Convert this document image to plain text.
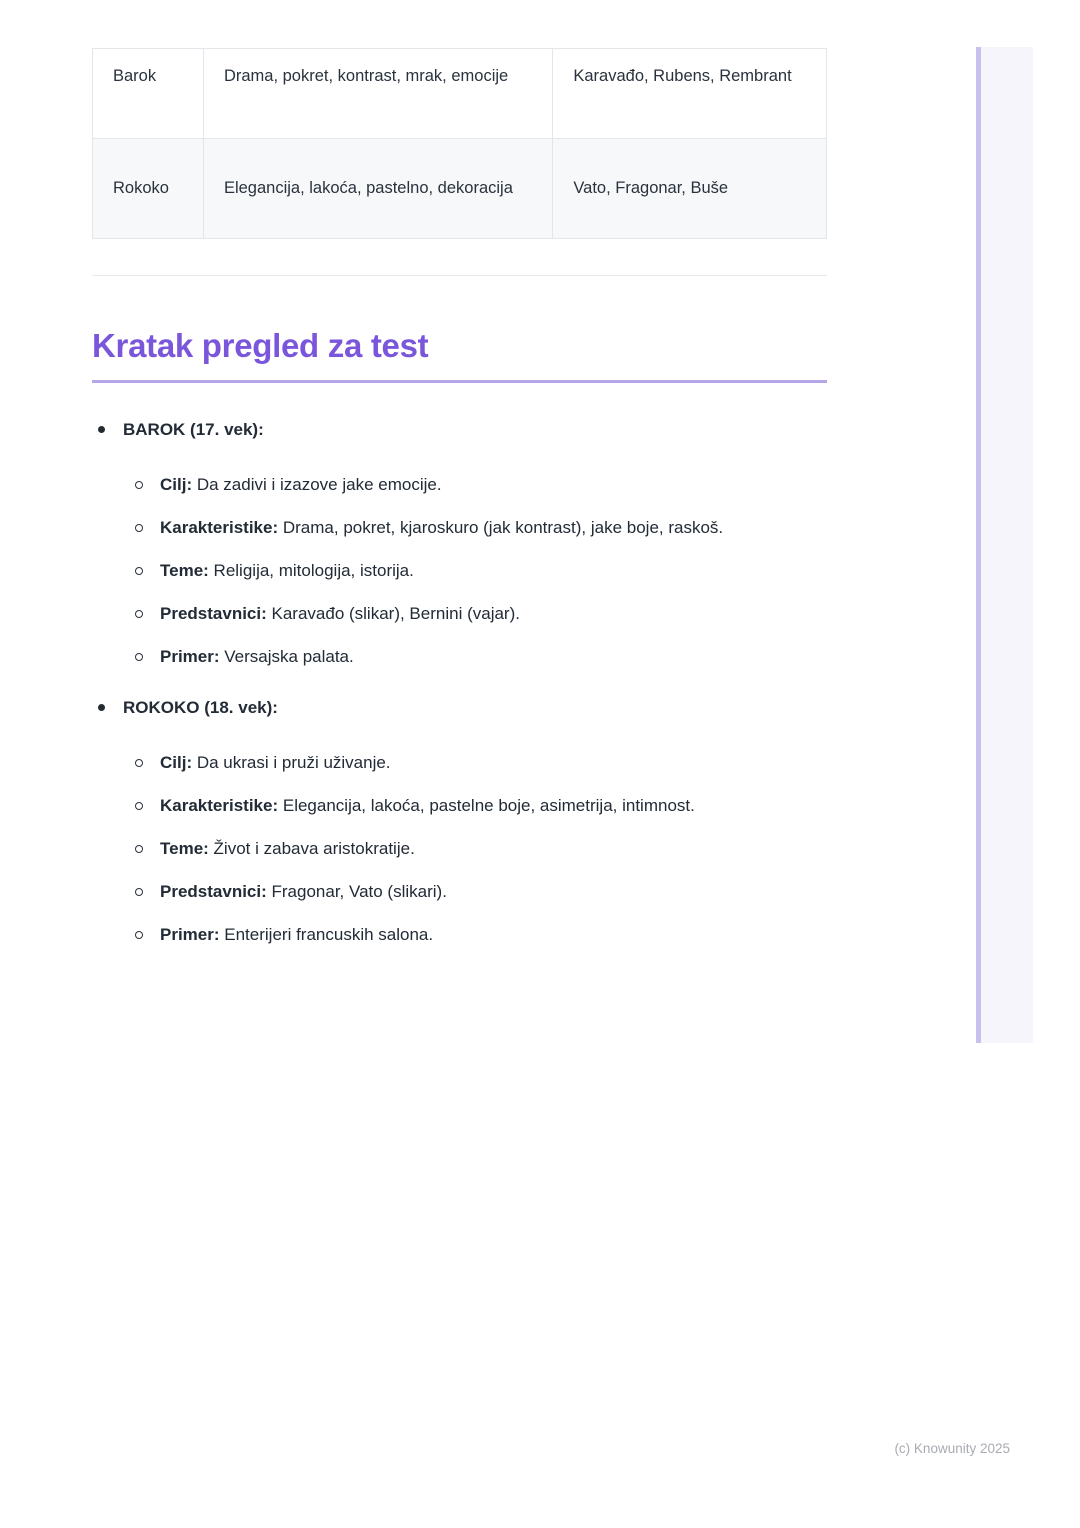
Barok	Drama, pokret, kontrast, mrak, emocije	Karavađo, Rubens, Rembrant
Rokoko	Elegancija, lakoća, pastelno, dekoracija	Vato, Fragonar, Buše
Kratak pregled za test
BAROK (17. vek):
Cilj: Da zadivi i izazove jake emocije.
Karakteristike: Drama, pokret, kjaroskuro (jak kontrast), jake boje, raskoš.
Teme: Religija, mitologija, istorija.
Predstavnici: Karavađo (slikar), Bernini (vajar).
Primer: Versajska palata.
ROKOKO (18. vek):
Cilj: Da ukrasi i pruži uživanje.
Karakteristike: Elegancija, lakoća, pastelne boje, asimetrija, intimnost.
Teme: Život i zabava aristokratije.
Predstavnici: Fragonar, Vato (slikari).
Primer: Enterijeri francuskih salona.
(c) Knowunity 2025
